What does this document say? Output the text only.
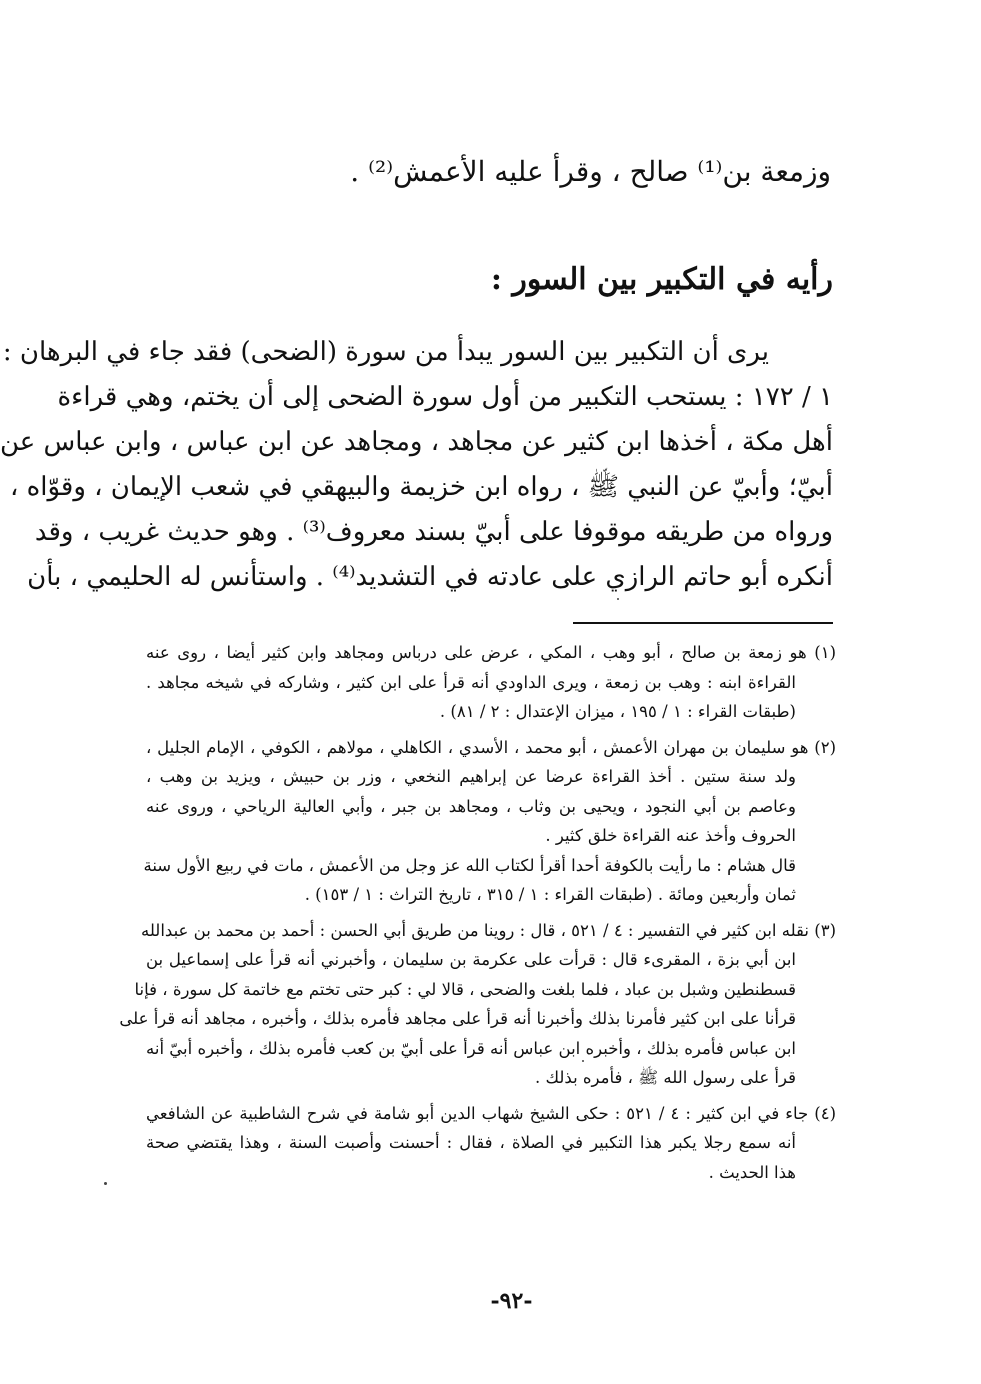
وزمعة بن⁽¹⁾ صالح ، وقرأ عليه الأعمش⁽²⁾ .
رأيه في التكبير بين السور :
يرى أن التكبير بين السور يبدأ من سورة (الضحى) فقد جاء في البرهان :
١ / ١٧٢ : يستحب التكبير من أول سورة الضحى إلى أن يختم، وهي قراءة
أهل مكة ، أخذها ابن كثير عن مجاهد ، ومجاهد عن ابن عباس ، وابن عباس عن
أبيّ؛ وأبيّ عن النبي ﷺ ، رواه ابن خزيمة والبيهقي في شعب الإيمان ، وقوّاه ،
ورواه من طريقه موقوفا على أبيّ بسند معروف⁽³⁾ . وهو حديث غريب ، وقد
أنكره أبو حاتم الرازي على عادته في التشديد⁽⁴⁾ . واستأنس له الحليمي ، بأن
(١) هو زمعة بن صالح ، أبو وهب ، المكي ، عرض على درباس ومجاهد وابن كثير أيضا ، روى عنه
القراءة ابنه : وهب بن زمعة ، ويرى الداودي أنه قرأ على ابن كثير ، وشاركه في شيخه مجاهد .
(طبقات القراء : ١ / ١٩٥ ، ميزان الإعتدال : ٢ / ٨١) .
(٢) هو سليمان بن مهران الأعمش ، أبو محمد ، الأسدي ، الكاهلي ، مولاهم ، الكوفي ، الإمام الجليل ،
ولد سنة ستين . أخذ القراءة عرضا عن إبراهيم النخعي ، وزر بن حبيش ، ويزيد بن وهب ،
وعاصم بن أبي النجود ، ويحيى بن وثاب ، ومجاهد بن جبر ، وأبي العالية الرياحي ، وروى عنه
الحروف وأخذ عنه القراءة خلق كثير .
قال هشام : ما رأيت بالكوفة أحدا أقرأ لكتاب الله عز وجل من الأعمش ، مات في ربيع الأول سنة
ثمان وأربعين ومائة . (طبقات القراء : ١ / ٣١٥ ، تاريخ التراث : ١ / ١٥٣) .
(٣) نقله ابن كثير في التفسير : ٤ / ٥٢١ ، قال : روينا من طريق أبي الحسن : أحمد بن محمد بن عبدالله
ابن أبي بزة ، المقرىء قال : قرأت على عكرمة بن سليمان ، وأخبرني أنه قرأ على إسماعيل بن
قسطنطين وشبل بن عباد ، فلما بلغت والضحى ، قالا لي : كبر حتى تختم مع خاتمة كل سورة ، فإنا
قرأنا على ابن كثير فأمرنا بذلك وأخبرنا أنه قرأ على مجاهد فأمره بذلك ، وأخبره ، مجاهد أنه قرأ على
ابن عباس فأمره بذلك ، وأخبره ابن عباس أنه قرأ على أبيّ بن كعب فأمره بذلك ، وأخبره أبيّ أنه
قرأ على رسول الله ﷺ ، فأمره بذلك .
(٤) جاء في ابن كثير : ٤ / ٥٢١ : حكى الشيخ شهاب الدين أبو شامة في شرح الشاطبية عن الشافعي
أنه سمع رجلا يكبر هذا التكبير في الصلاة ، فقال : أحسنت وأصبت السنة ، وهذا يقتضي صحة
هذا الحديث .
-٩٢-
